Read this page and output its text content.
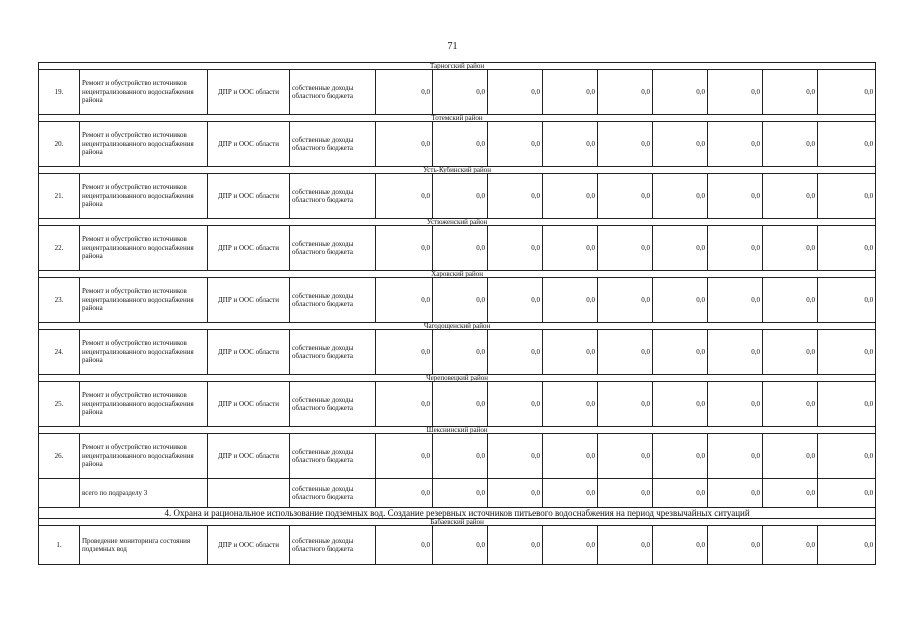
71
Тарногский район												
19.	Ремонт и обустройство источников нецентрализованного водоснабжения района	ДПР и ООС области	собственные доходы областного бюджета	0,0	0,0	0,0	0,0	0,0	0,0	0,0	0,0	0,0
Тотемский район												
20.	Ремонт и обустройство источников нецентрализованного водоснабжения района	ДПР и ООС области	собственные доходы областного бюджета	0,0	0,0	0,0	0,0	0,0	0,0	0,0	0,0	0,0
Усть-Кубинский район												
21.	Ремонт и обустройство источников нецентрализованного водоснабжения района	ДПР и ООС области	собственные доходы областного бюджета	0,0	0,0	0,0	0,0	0,0	0,0	0,0	0,0	0,0
Устюженский район												
22.	Ремонт и обустройство источников нецентрализованного водоснабжения района	ДПР и ООС области	собственные доходы областного бюджета	0,0	0,0	0,0	0,0	0,0	0,0	0,0	0,0	0,0
Харовский район												
23.	Ремонт и обустройство источников нецентрализованного водоснабжения района	ДПР и ООС области	собственные доходы областного бюджета	0,0	0,0	0,0	0,0	0,0	0,0	0,0	0,0	0,0
Чагодощенский район												
24.	Ремонт и обустройство источников нецентрализованного водоснабжения района	ДПР и ООС области	собственные доходы областного бюджета	0,0	0,0	0,0	0,0	0,0	0,0	0,0	0,0	0,0
Череповецкий район												
25.	Ремонт и обустройство источников нецентрализованного водоснабжения района	ДПР и ООС области	собственные доходы областного бюджета	0,0	0,0	0,0	0,0	0,0	0,0	0,0	0,0	0,0
Шекснинский район												
26.	Ремонт и обустройство источников нецентрализованного водоснабжения района	ДПР и ООС области	собственные доходы областного бюджета	0,0	0,0	0,0	0,0	0,0	0,0	0,0	0,0	0,0
	всего по подразделу 3		собственные доходы областного бюджета	0,0	0,0	0,0	0,0	0,0	0,0	0,0	0,0	0,0
4. Охрана и рациональное использование подземных вод. Создание резервных источников питьевого водоснабжения на период чрезвычайных ситуаций												
Бабаевский район												
1.	Проведение мониторинга состояния подземных вод	ДПР и ООС области	собственные доходы областного бюджета	0,0	0,0	0,0	0,0	0,0	0,0	0,0	0,0	0,0
